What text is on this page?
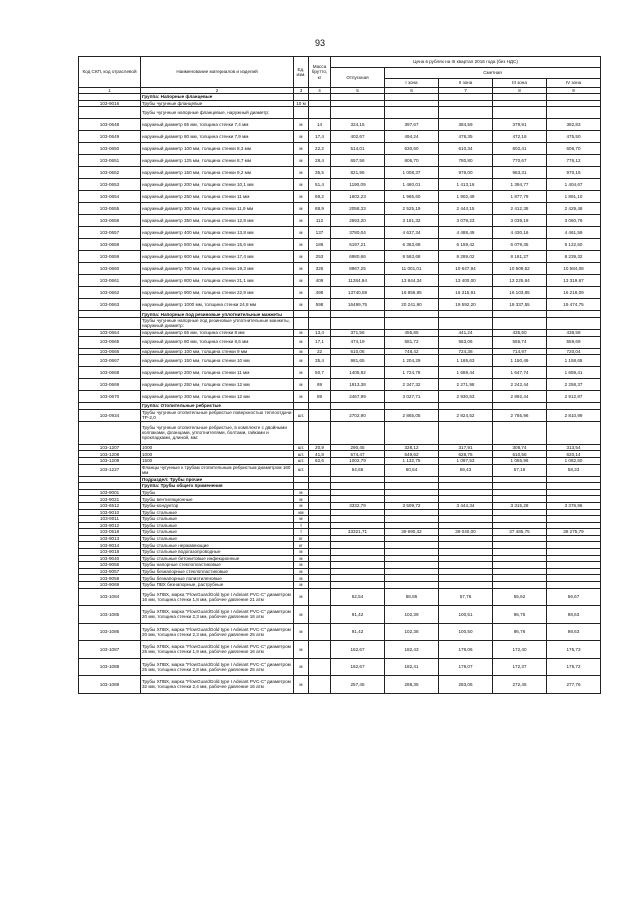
93
Код СКП, код отраслевой	Наименование материалов и изделий	Ед. изм.	Масса брутто, кг	Цена в рублях на III квартал 2016 года (без НДС)				
				Отпускная	Сметная			
					I зона	II зона	III зона	IV зона
1	2	3	4	5	6	7	8	9
	Группа: Напорные фланцевые							
103-9016	Трубы чугунные фланцевые	10 м						
	Трубы чугунные напорные фланцевые, наружный диаметр:							
103-0648	наружный диаметр 65 мм, толщина стенки 7,4 мм	м	14	324,15	397,67	384,59	379,91	382,83
103-0649	наружный диаметр 80 мм, толщина стенки 7,9 мм	м	17,4	402,67	494,24	478,35	472,16	475,50
103-0650	наружный диаметр 100 мм, толщина стенки 8,3 мм	м	22,2	514,01	630,60	610,34	602,41	606,70
103-0651	наружный диаметр 125 мм, толщина стенки 8,7 мм	м	28,4	657,56	806,70	780,80	770,67	776,12
103-0652	наружный диаметр 150 мм, толщина стенки 9,2 мм	м	35,5	821,95	1 008,37	976,00	963,31	970,16
103-0653	наружный диаметр 200 мм, толщина стенки 10,1 мм	м	51,4	1190,09	1 460,01	1 413,16	1 394,77	1 404,67
103-0654	наружный диаметр 250 мм, толщина стенки 11 мм	м	69,2	1602,23	1 965,60	1 902,49	1 877,79	1 891,10
103-0655	наружный диаметр 300 мм, толщина стенки 11,9 мм	м	88,9	2058,33	2 525,19	2 444,15	2 412,38	2 429,48
103-0656	наружный диаметр 350 мм, толщина стенки 12,8 мм	м	112	2593,20	3 181,32	3 079,23	3 039,19	3 060,76
103-0657	наружный диаметр 400 мм, толщина стенки 13,8 мм	м	137	3780,04	4 637,34	4 488,49	4 430,16	4 461,59
103-0658	наружный диаметр 500 мм, толщина стенки 15,6 мм	м	186	5197,21	6 363,68	6 159,42	6 079,35	6 122,50
103-0659	наружный диаметр 600 мм, толщина стенки 17,4 мм	м	253	6980,66	8 563,68	8 289,02	8 181,27	8 239,32
103-0660	наружный диаметр 700 мм, толщина стенки 19,3 мм	м	325	8967,25	11 001,01	10 647,94	10 509,52	10 584,08
103-0661	наружный диаметр 800 мм, толщина стенки 21,1 мм	м	409	11284,94	13 844,34	13 400,00	13 225,84	13 319,67
103-0662	наружный диаметр 900 мм, толщина стенки 22,9 мм	м	498	13740,59	16 856,95	16 315,91	16 103,85	16 218,09
103-0663	наружный диаметр 1000 мм, толщина стенки 24,8 мм	м	598	16499,75	20 241,90	19 592,20	19 337,55	19 474,75
	Группа: Напорные под резиновые уплотнительные манжеты							
	Трубы чугунные напорные под резиновые уплотнительные манжеты, наружный диаметр:							
103-0664	наружный диаметр 65 мм, толщина стенки 8 мм	м	13,4	371,56	455,85	441,24	435,50	438,58
103-0665	наружный диаметр 80 мм, толщина стенки 8,6 мм	м	17,1	474,19	581,72	563,06	555,74	559,69
103-0666	наружный диаметр 100 мм, толщина стенки 9 мм	м	22	610,06	748,42	724,38	714,97	720,04
103-0667	наружный диаметр 150 мм, толщина стенки 10 мм	м	35,4	981,65	1 204,29	1 165,63	1 150,49	1 158,65
103-0668	наружный диаметр 200 мм, толщина стенки 11 мм	м	50,7	1405,92	1 724,78	1 669,44	1 647,74	1 659,41
103-0669	наружный диаметр 250 мм, толщина стенки 12 мм	м	69	1913,38	2 347,32	2 271,98	2 242,44	2 258,37
103-0670	наружный диаметр 300 мм, толщина стенки 12 мм	м	89	2467,99	3 027,71	2 930,53	2 892,44	2 912,97
	Группа: Отопительные ребристые							
103-0934	Трубы чугунные отопительные ребристые поверхностью теплоотдачи ТР-2,0	шт.		2702,90	2 865,05	2 824,52	2 765,96	2 810,99
	Трубы чугунные отопительные ребристые, в комплекте с двойными колпаками, фланцами, уплотнителями, болтами, гайками и прокладками, длиной, мм:							
103-1207	1000	шт.	20,9	290,45	328,12	317,91	308,74	313,54
103-1208	1000	шт.	41,8	574,47	649,62	628,76	610,56	620,14
103-1209	1500	шт.	62,6	1002,79	1 132,75	1 097,53	1 065,96	1 082,50
103-1227	Фланцы чугунные к трубам отопительным ребристым диаметром 160 мм	шт.		54,66	60,54	59,43	57,19	58,33
	Подраздел: Трубы прочие							
	Группа: Трубы общего применения							
103-9001	Трубы	м						
103-9021	Трубы вентиляционные	м						
103-6512	Трубы-кондуктор	м		3332,79	3 509,72	3 444,34	3 315,28	3 376,96
103-9010	Трубы стальные	км						
103-9011	Трубы стальные	м						
103-9012	Трубы стальные	т						
103-0518	Трубы стальные	т		33321,71	39 690,42	39 040,00	37 485,75	38 275,79
103-9013	Трубы стальные	кг						
103-9014	Трубы стальные нержавеющие	кг						
103-9018	Трубы стальные водогазопроводные	м						
103-9040	Трубы стальные бетонитовые инфекционные	м						
103-9056	Трубы напорные стеклопластиковые	м						
103-9057	Трубы безнапорные стеклопластиковые	м						
103-9058	Трубы безнапорные полиэтиленовые	м						
103-9069	Трубы ПВХ безнапорные, раструбные	м						
103-1084	Трубы ХПВХ, марка "FlowGuardGold type I Adeiant PVC-C" диаметром 16 мм, толщина стенки 1,8 мм, рабочее давление 21 атм	м		52,54	58,85	57,76	55,62	56,67
103-1085	Трубы ХПВХ, марка "FlowGuardGold type I Adeiant PVC-C" диаметром 20 мм, толщина стенки 2,3 мм, рабочее давление 16 атм	м		91,42	102,39	100,51	96,75	98,63
103-1086	Трубы ХПВХ, марка "FlowGuardGold type I Adeiant PVC-C" диаметром 20 мм, толщина стенки 2,3 мм, рабочее давление 25 атм	м		91,42	102,38	100,50	96,76	98,63
103-1087	Трубы ХПВХ, марка "FlowGuardGold type I Adeiant PVC-C" диаметром 25 мм, толщина стенки 1,9 мм, рабочее давление 16 атм	м		162,67	182,43	179,06	172,40	175,73
103-1088	Трубы ХПВХ, марка "FlowGuardGold type I Adeiant PVC-C" диаметром 25 мм, толщина стенки 2,8 мм, рабочее давление 25 атм	м		162,67	182,41	179,07	172,37	175,72
103-1089	Трубы ХПВХ, марка "FlowGuardGold type I Adeiant PVC-C" диаметром 32 мм, толщина стенки 2,4 мм, рабочее давление 16 атм	м		257,45	288,35	283,06	272,45	277,76
